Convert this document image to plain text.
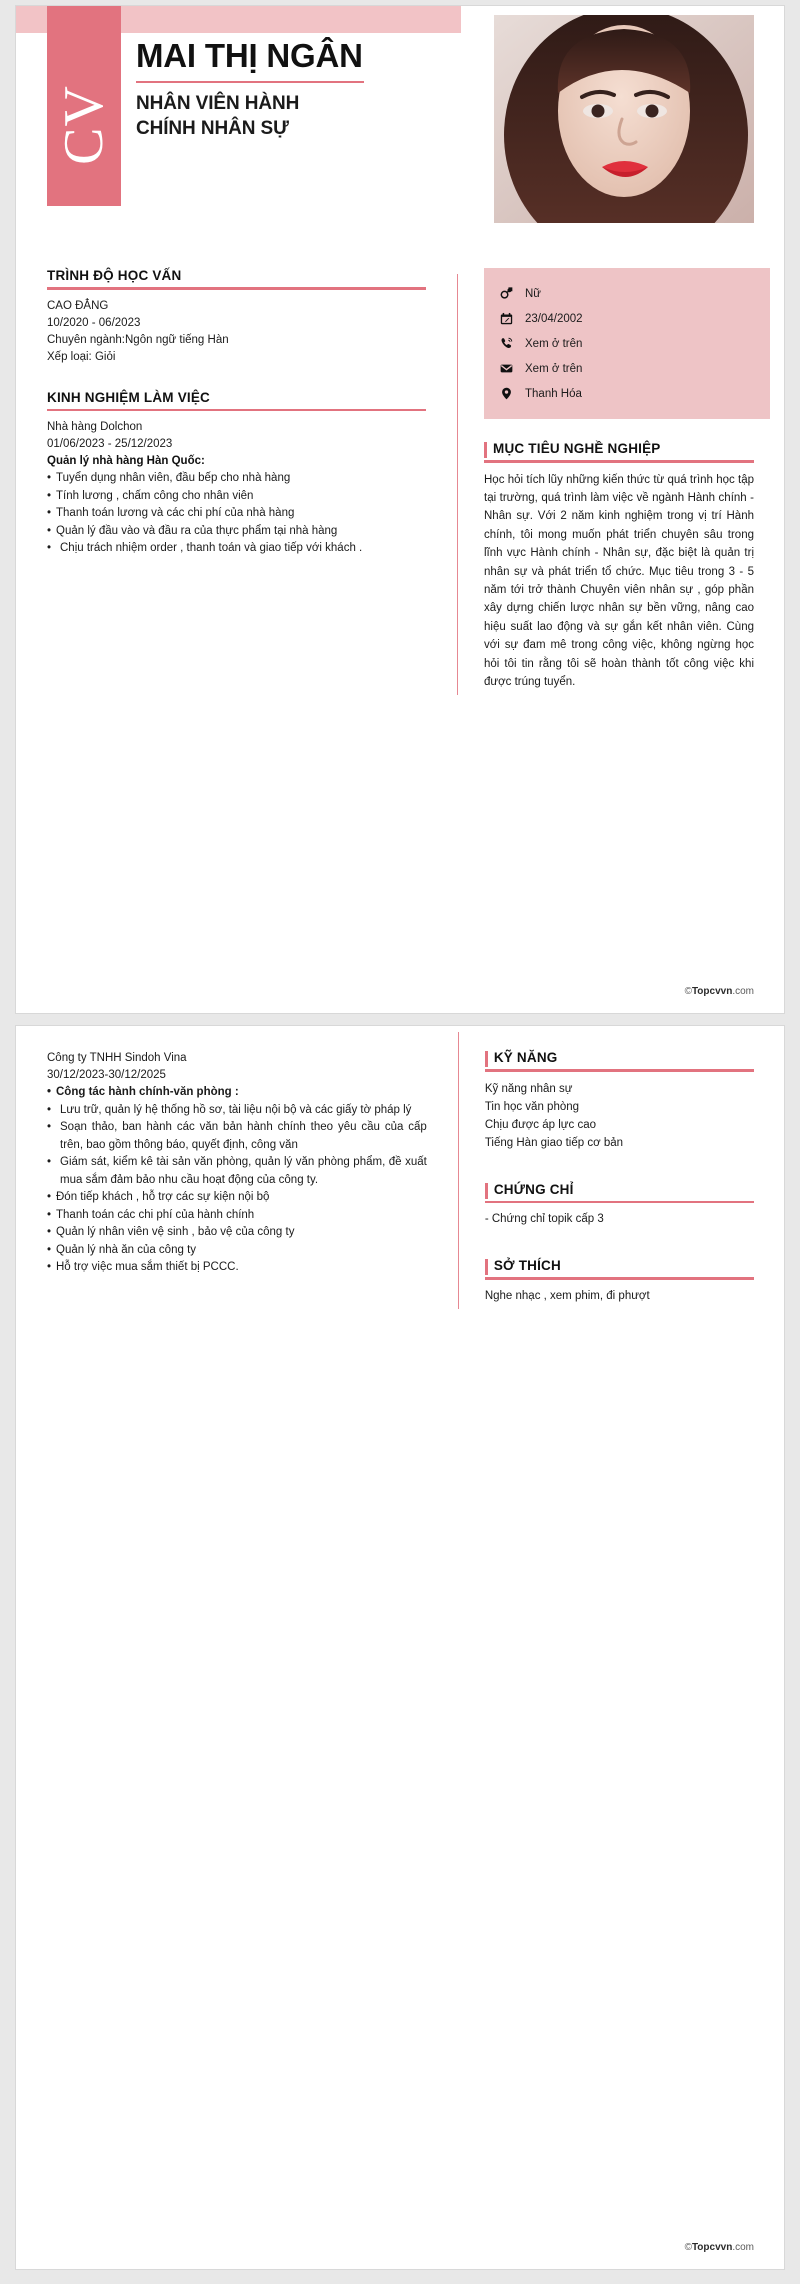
CV
MAI THỊ NGÂN
NHÂN VIÊN HÀNH
CHÍNH NHÂN SỰ
TRÌNH ĐỘ HỌC VẤN
CAO ĐẲNG
10/2020 - 06/2023
Chuyên ngành:Ngôn ngữ tiếng Hàn
Xếp loại: Giỏi
KINH NGHIỆM LÀM VIỆC
Nhà hàng Dolchon
01/06/2023 - 25/12/2023
Quản lý nhà hàng Hàn Quốc:
• Tuyển dụng nhân viên, đầu bếp cho nhà hàng
• Tính lương , chấm công cho nhân viên
• Thanh toán lương và các chi phí của nhà hàng
• Quản lý đầu vào và đầu ra của thực phẩm tại nhà hàng
• Chịu trách nhiệm order , thanh toán và giao tiếp với khách .
Nữ
23/04/2002
Xem ở trên
Xem ở trên
Thanh Hóa
MỤC TIÊU NGHỀ NGHIỆP
Học hỏi tích lũy những kiến thức từ quá trình học tập tại trường, quá trình làm việc về ngành Hành chính - Nhân sự. Với 2 năm kinh nghiệm trong vị trí Hành chính, tôi mong muốn phát triển chuyên sâu trong lĩnh vực Hành chính - Nhân sự, đặc biệt là quản trị nhân sự và phát triển tổ chức. Mục tiêu trong 3 - 5 năm tới trở thành Chuyên viên nhân sự , góp phần xây dựng chiến lược nhân sự bền vững, nâng cao hiệu suất lao động và sự gắn kết nhân viên. Cùng với sự đam mê trong công việc, không ngừng học hỏi tôi tin rằng tôi sẽ hoàn thành tốt công việc khi được trúng tuyển.
©Topcvvn.com
Công ty TNHH Sindoh Vina
30/12/2023-30/12/2025
• Công tác hành chính-văn phòng :
• Lưu trữ, quản lý hệ thống hồ sơ, tài liệu nội bộ và các giấy tờ pháp lý
• Soạn thảo, ban hành các văn bản hành chính theo yêu cầu của cấp trên, bao gồm thông báo, quyết định, công văn
• Giám sát, kiểm kê tài sản văn phòng, quản lý văn phòng phẩm, đề xuất mua sắm đảm bảo nhu cầu hoạt động của công ty.
• Đón tiếp khách , hỗ trợ các sự kiện nội bộ
• Thanh toán các chi phí của hành chính
• Quản lý nhân viên vệ sinh , bảo vệ của công ty
• Quản lý nhà ăn của công ty
• Hỗ trợ việc mua sắm thiết bị PCCC.
KỸ NĂNG
Kỹ năng nhân sự
Tin học văn phòng
Chịu được áp lực cao
Tiếng Hàn giao tiếp cơ bản
CHỨNG CHỈ
- Chứng chỉ topik cấp 3
SỞ THÍCH
Nghe nhạc , xem phim, đi phượt
©Topcvvn.com
